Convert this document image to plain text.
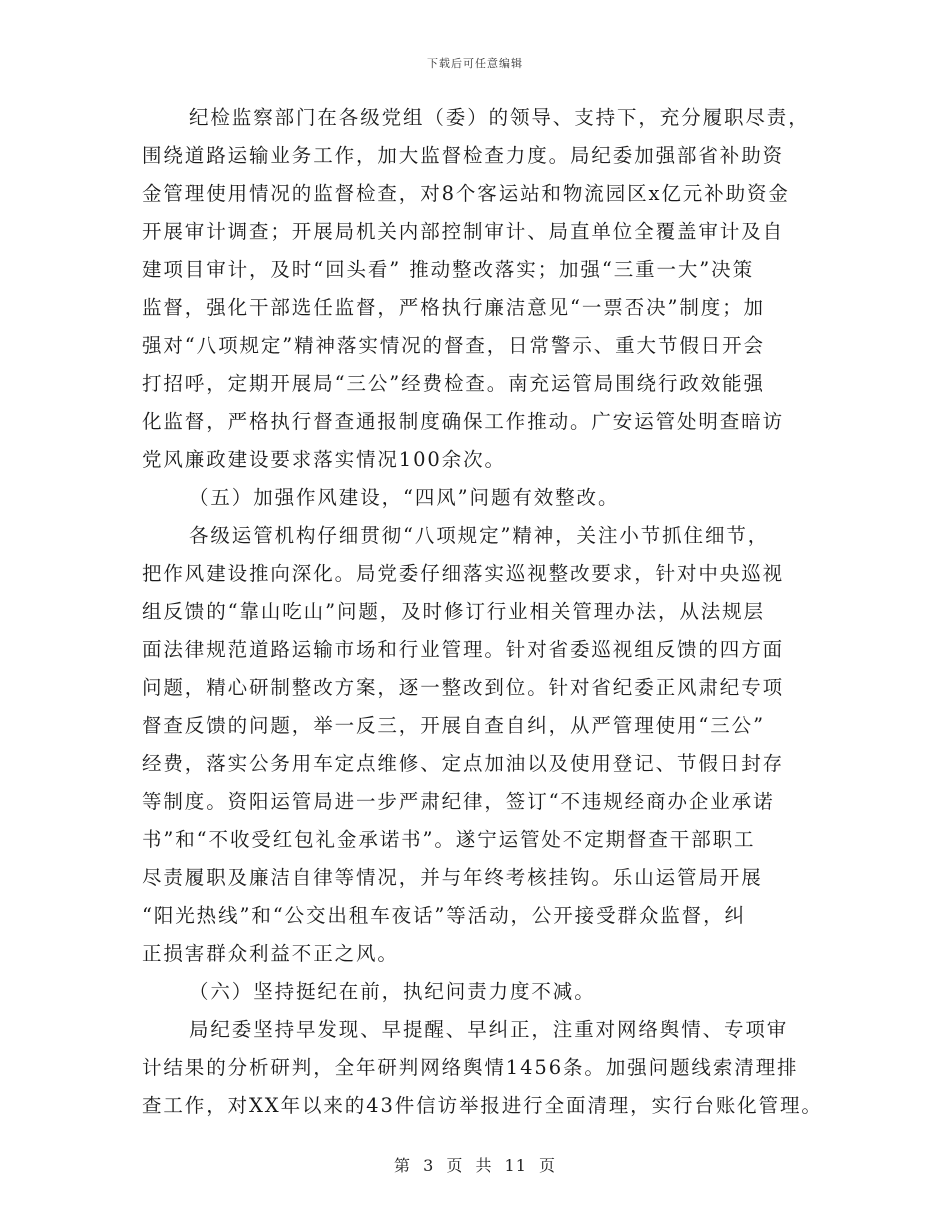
下载后可任意编辑
纪检监察部门在各级党组（委）的领导、支持下，充分履职尽责，
围绕道路运输业务工作，加大监督检查力度。局纪委加强部省补助资
金管理使用情况的监督检查，对8个客运站和物流园区x亿元补助资金
开展审计调查；开展局机关内部控制审计、局直单位全覆盖审计及自
建项目审计，及时“回头看” 推动整改落实；加强“三重一大”决策
监督，强化干部选任监督，严格执行廉洁意见“一票否决”制度；加
强对“八项规定”精神落实情况的督查，日常警示、重大节假日开会
打招呼，定期开展局“三公”经费检查。南充运管局围绕行政效能强
化监督，严格执行督查通报制度确保工作推动。广安运管处明查暗访
党风廉政建设要求落实情况100余次。
（五）加强作风建设，“四风”问题有效整改。
各级运管机构仔细贯彻“八项规定”精神，关注小节抓住细节，
把作风建设推向深化。局党委仔细落实巡视整改要求，针对中央巡视
组反馈的“靠山吃山”问题，及时修订行业相关管理办法，从法规层
面法律规范道路运输市场和行业管理。针对省委巡视组反馈的四方面
问题，精心研制整改方案，逐一整改到位。针对省纪委正风肃纪专项
督查反馈的问题，举一反三，开展自查自纠，从严管理使用“三公”
经费，落实公务用车定点维修、定点加油以及使用登记、节假日封存
等制度。资阳运管局进一步严肃纪律，签订“不违规经商办企业承诺
书”和“不收受红包礼金承诺书”。遂宁运管处不定期督查干部职工
尽责履职及廉洁自律等情况，并与年终考核挂钩。乐山运管局开展
“阳光热线”和“公交出租车夜话”等活动，公开接受群众监督，纠
正损害群众利益不正之风。
（六）坚持挺纪在前，执纪问责力度不减。
局纪委坚持早发现、早提醒、早纠正，注重对网络舆情、专项审
计结果的分析研判，全年研判网络舆情1456条。加强问题线索清理排
查工作，对XX年以来的43件信访举报进行全面清理，实行台账化管理。
第 3 页 共 11 页
